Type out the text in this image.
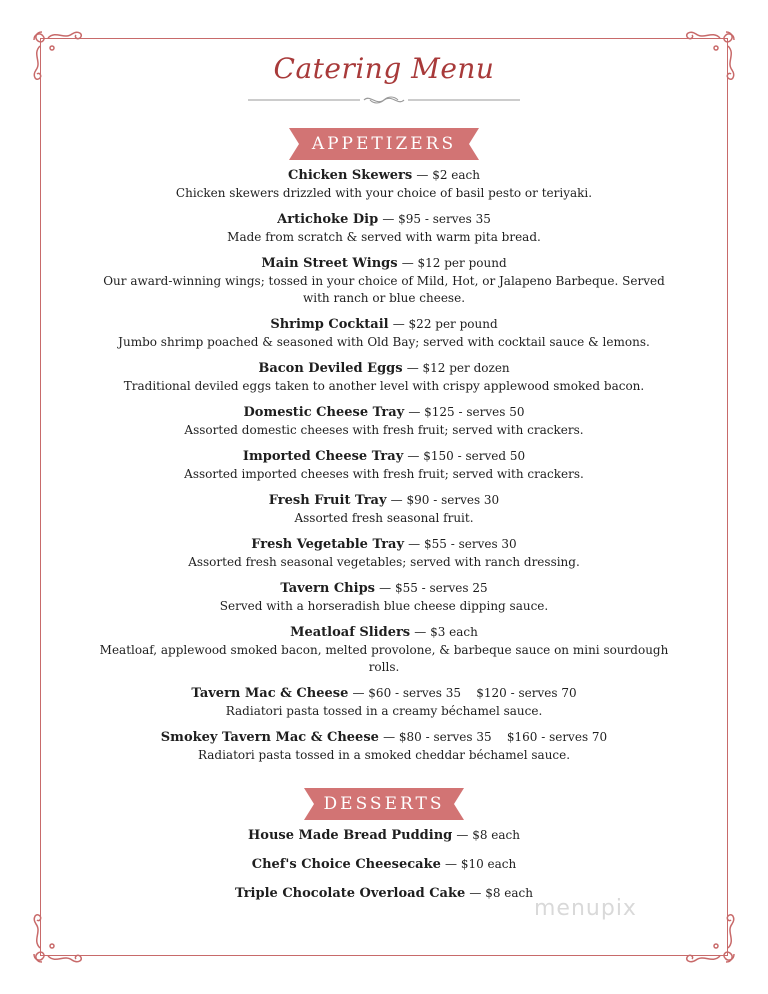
Catering Menu
APPETIZERS
Chicken Skewers — $2 each
Chicken skewers drizzled with your choice of basil pesto or teriyaki.
Artichoke Dip — $95 - serves 35
Made from scratch & served with warm pita bread.
Main Street Wings — $12 per pound
Our award-winning wings; tossed in your choice of Mild, Hot, or Jalapeno Barbeque. Served with ranch or blue cheese.
Shrimp Cocktail — $22 per pound
Jumbo shrimp poached & seasoned with Old Bay; served with cocktail sauce & lemons.
Bacon Deviled Eggs — $12 per dozen
Traditional deviled eggs taken to another level with crispy applewood smoked bacon.
Domestic Cheese Tray — $125 - serves 50
Assorted domestic cheeses with fresh fruit; served with crackers.
Imported Cheese Tray — $150 - served 50
Assorted imported cheeses with fresh fruit; served with crackers.
Fresh Fruit Tray — $90 - serves 30
Assorted fresh seasonal fruit.
Fresh Vegetable Tray — $55 - serves 30
Assorted fresh seasonal vegetables; served with ranch dressing.
Tavern Chips — $55 - serves 25
Served with a horseradish blue cheese dipping sauce.
Meatloaf Sliders — $3 each
Meatloaf, applewood smoked bacon, melted provolone, & barbeque sauce on mini sourdough rolls.
Tavern Mac & Cheese — $60 - serves 35    $120 - serves 70
Radiatori pasta tossed in a creamy béchamel sauce.
Smokey Tavern Mac & Cheese — $80 - serves 35    $160 - serves 70
Radiatori pasta tossed in a smoked cheddar béchamel sauce.
DESSERTS
House Made Bread Pudding — $8 each
Chef's Choice Cheesecake — $10 each
Triple Chocolate Overload Cake — $8 each
menupix
